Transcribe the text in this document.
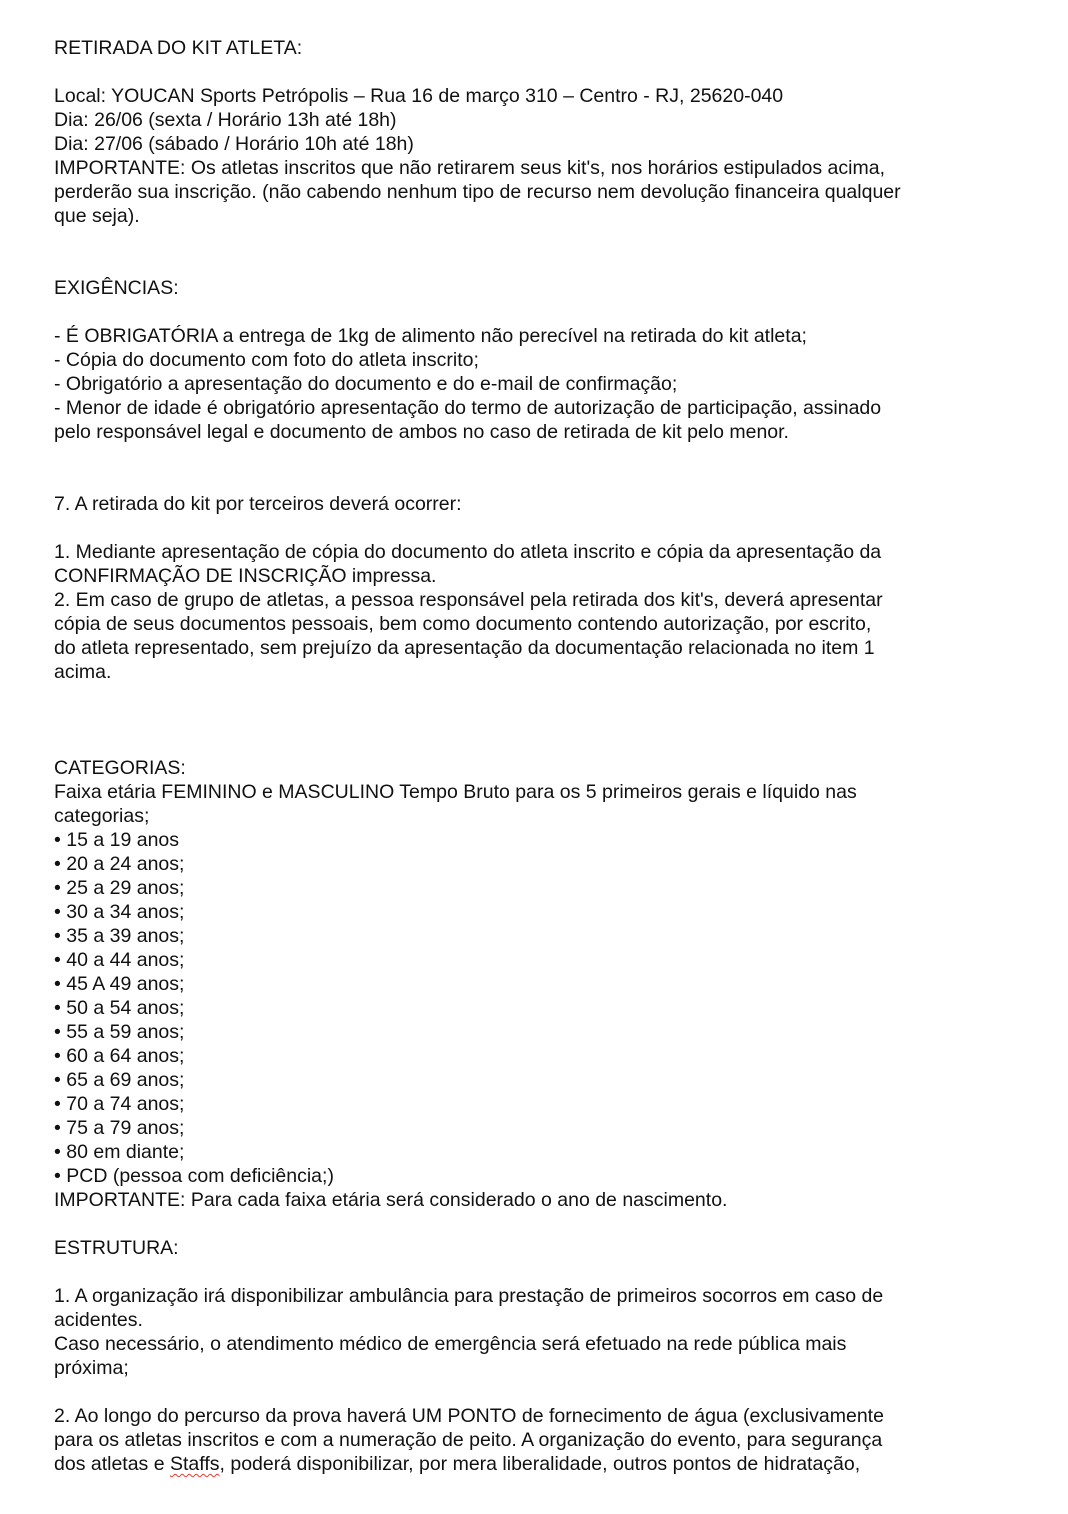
RETIRADA DO KIT ATLETA:
Local: YOUCAN Sports Petrópolis – Rua 16 de março 310 – Centro - RJ, 25620-040
Dia: 26/06 (sexta / Horário 13h até 18h)
Dia: 27/06 (sábado / Horário 10h até 18h)
IMPORTANTE: Os atletas inscritos que não retirarem seus kit's, nos horários estipulados acima,
perderão sua inscrição. (não cabendo nenhum tipo de recurso nem devolução financeira qualquer
que seja).
EXIGÊNCIAS:
- É OBRIGATÓRIA a entrega de 1kg de alimento não perecível na retirada do kit atleta;
- Cópia do documento com foto do atleta inscrito;
- Obrigatório a apresentação do documento e do e-mail de confirmação;
- Menor de idade é obrigatório apresentação do termo de autorização de participação, assinado
pelo responsável legal e documento de ambos no caso de retirada de kit pelo menor.
7. A retirada do kit por terceiros deverá ocorrer:
1. Mediante apresentação de cópia do documento do atleta inscrito e cópia da apresentação da
CONFIRMAÇÃO DE INSCRIÇÃO impressa.
2. Em caso de grupo de atletas, a pessoa responsável pela retirada dos kit's, deverá apresentar
cópia de seus documentos pessoais, bem como documento contendo autorização, por escrito,
do atleta representado, sem prejuízo da apresentação da documentação relacionada no item 1
acima.
CATEGORIAS:
Faixa etária FEMININO e MASCULINO Tempo Bruto para os 5 primeiros gerais e líquido nas
categorias;
• 15 a 19 anos
• 20 a 24 anos;
• 25 a 29 anos;
• 30 a 34 anos;
• 35 a 39 anos;
• 40 a 44 anos;
• 45 A 49 anos;
• 50 a 54 anos;
• 55 a 59 anos;
• 60 a 64 anos;
• 65 a 69 anos;
• 70 a 74 anos;
• 75 a 79 anos;
• 80 em diante;
• PCD (pessoa com deficiência;)
IMPORTANTE: Para cada faixa etária será considerado o ano de nascimento.
ESTRUTURA:
1. A organização irá disponibilizar ambulância para prestação de primeiros socorros em caso de
acidentes.
Caso necessário, o atendimento médico de emergência será efetuado na rede pública mais
próxima;
2. Ao longo do percurso da prova haverá UM PONTO de fornecimento de água (exclusivamente
para os atletas inscritos e com a numeração de peito. A organização do evento, para segurança
dos atletas e Staffs, poderá disponibilizar, por mera liberalidade, outros pontos de hidratação,
